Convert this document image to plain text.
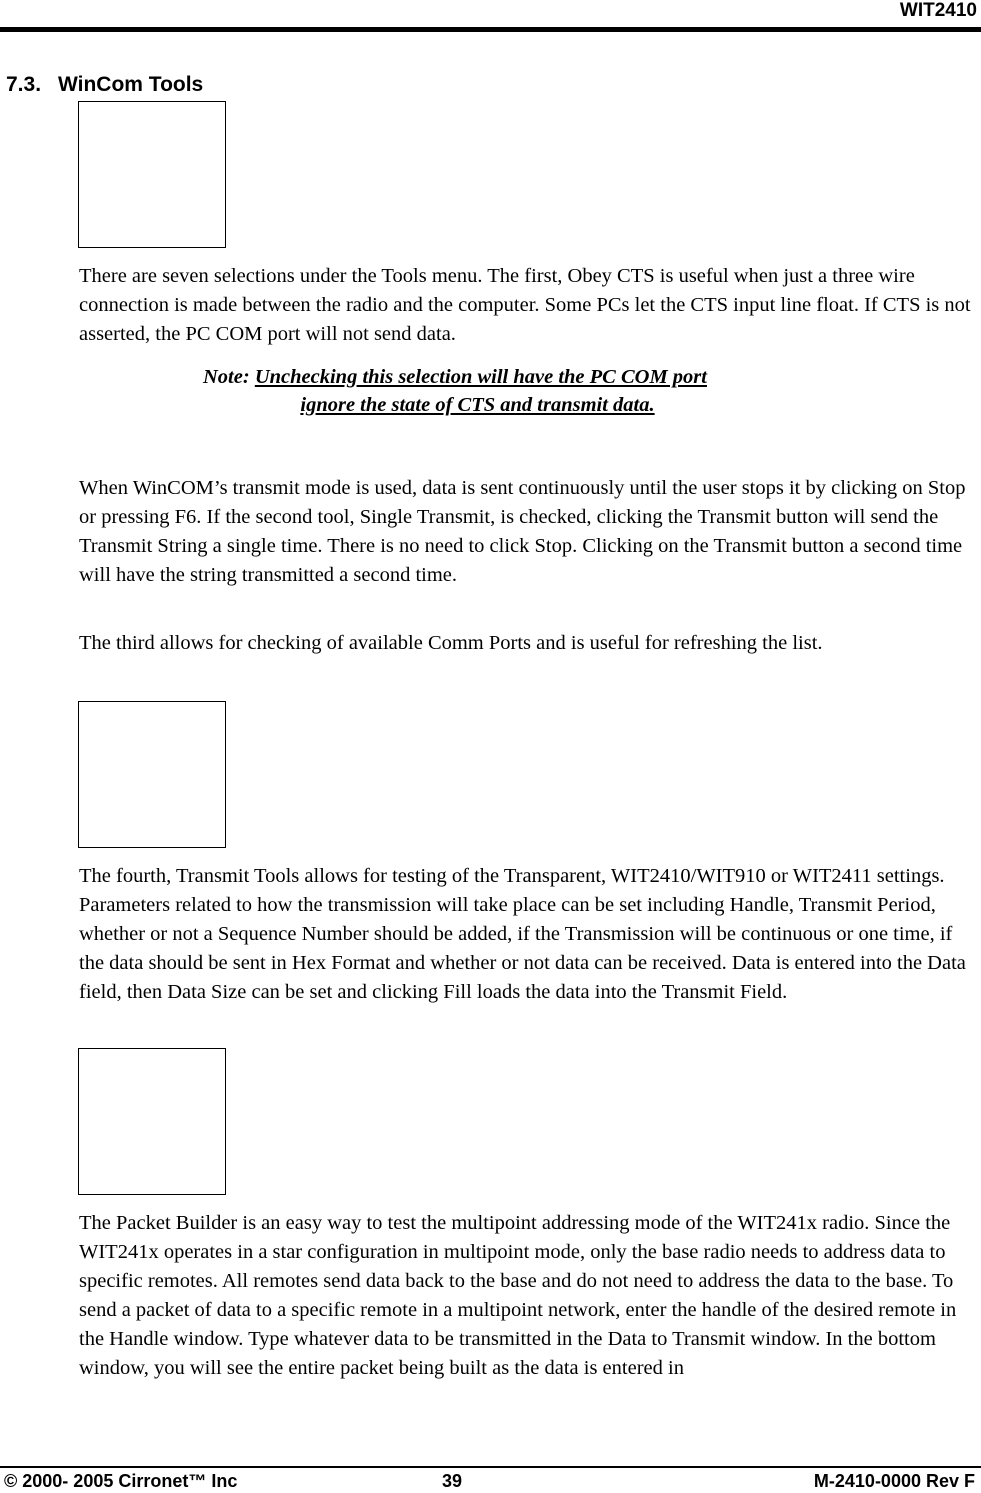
WIT2410
7.3. WinCom Tools

There are seven selections under the Tools menu. The first, Obey CTS is useful when just a three wire connection is made between the radio and the computer. Some PCs let the CTS input line float. If CTS is not asserted, the PC COM port will not send data.

Note: Unchecking this selection will have the PC COM port
ignore the state of CTS and transmit data.

When WinCOM’s transmit mode is used, data is sent continuously until the user stops it by clicking on Stop or pressing F6. If the second tool, Single Transmit, is checked, clicking the Transmit button will send the Transmit String a single time. There is no need to click Stop. Clicking on the Transmit button a second time will have the string transmitted a second time.

The third allows for checking of available Comm Ports and is useful for refreshing the list.

The fourth, Transmit Tools allows for testing of the Transparent, WIT2410/WIT910 or WIT2411 settings. Parameters related to how the transmission will take place can be set including Handle, Transmit Period, whether or not a Sequence Number should be added, if the Transmission will be continuous or one time, if the data should be sent in Hex Format and whether or not data can be received. Data is entered into the Data field, then Data Size can be set and clicking Fill loads the data into the Transmit Field.

The Packet Builder is an easy way to test the multipoint addressing mode of the WIT241x radio. Since the WIT241x operates in a star configuration in multipoint mode, only the base radio needs to address data to specific remotes. All remotes send data back to the base and do not need to address the data to the base. To send a packet of data to a specific remote in a multipoint network, enter the handle of the desired remote in the Handle window. Type whatever data to be transmitted in the Data to Transmit window. In the bottom window, you will see the entire packet being built as the data is entered in

© 2000- 2005 Cirronet™ Inc	39	M-2410-0000 Rev F
